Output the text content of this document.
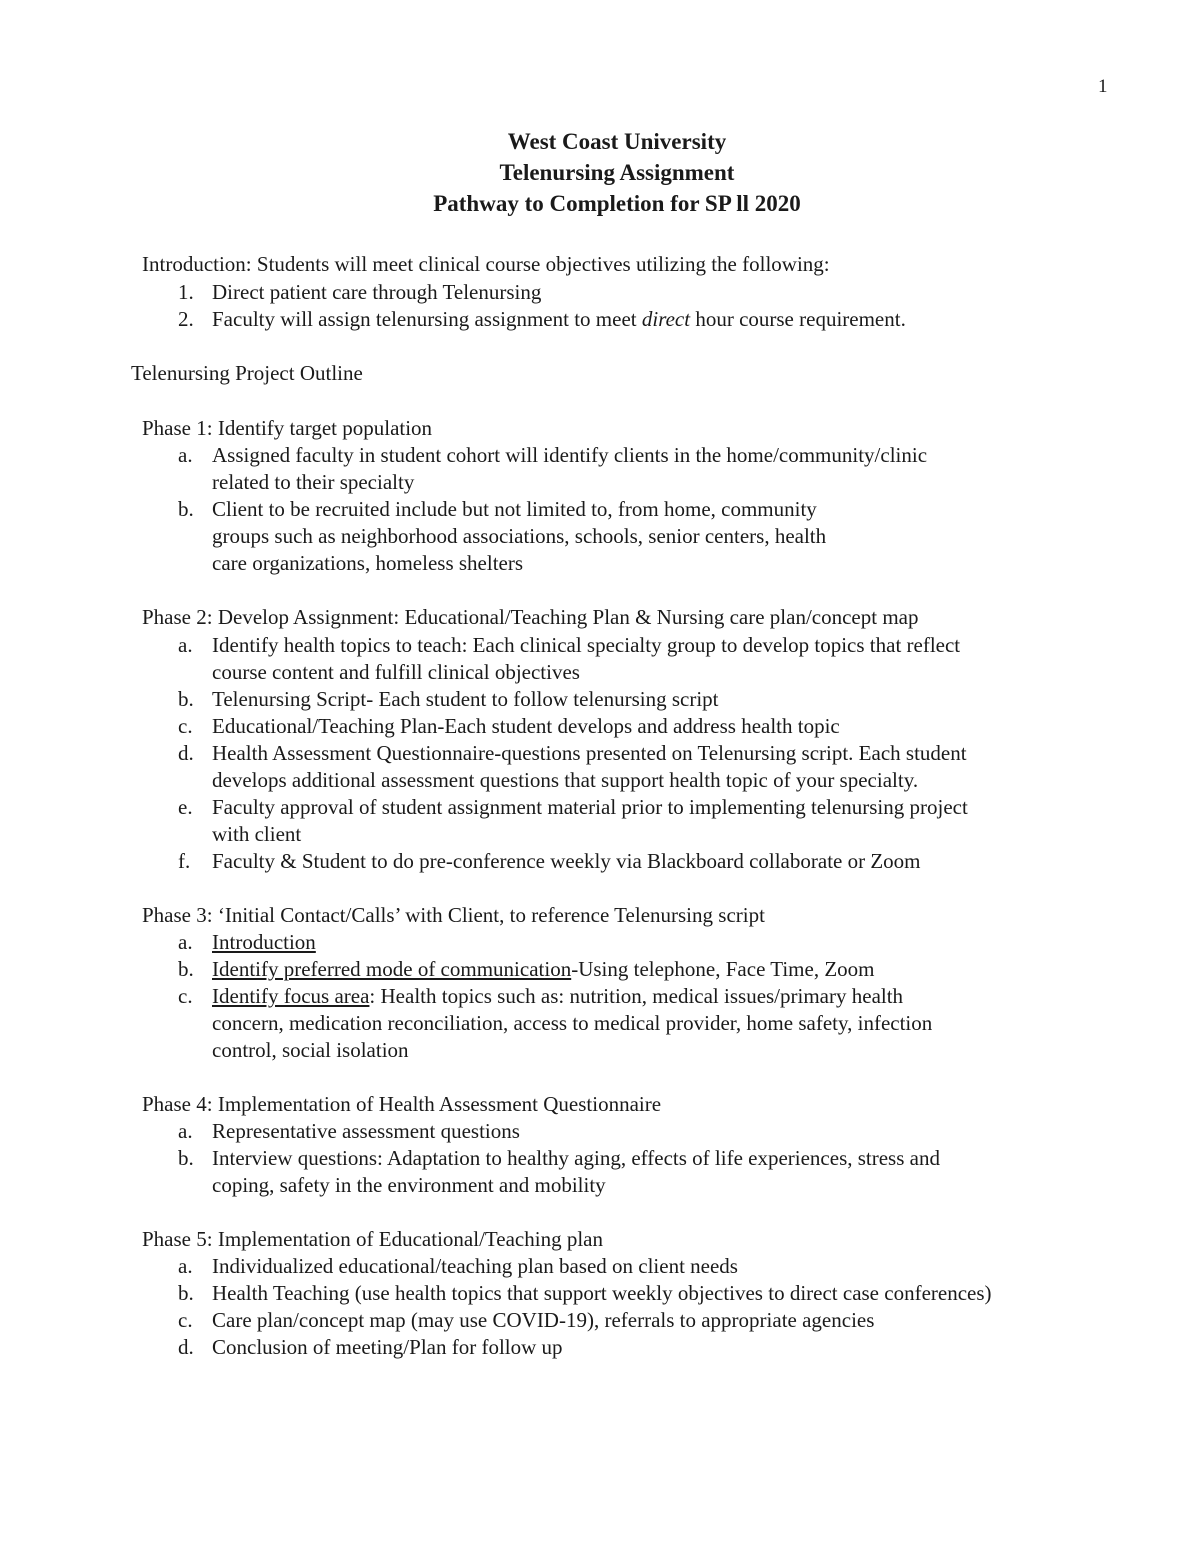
1
West Coast University
Telenursing Assignment
Pathway to Completion for SP ll 2020
Introduction: Students will meet clinical course objectives utilizing the following:
1. Direct patient care through Telenursing
2. Faculty will assign telenursing assignment to meet direct hour course requirement.
Telenursing Project Outline
Phase 1: Identify target population
a. Assigned faculty in student cohort will identify clients in the home/community/clinic
related to their specialty
b. Client to be recruited include but not limited to, from home, community
groups such as neighborhood associations, schools, senior centers, health
care organizations, homeless shelters
Phase 2: Develop Assignment: Educational/Teaching Plan & Nursing care plan/concept map
a. Identify health topics to teach: Each clinical specialty group to develop topics that reflect
course content and fulfill clinical objectives
b. Telenursing Script- Each student to follow telenursing script
c. Educational/Teaching Plan-Each student develops and address health topic
d. Health Assessment Questionnaire-questions presented on Telenursing script. Each student
develops additional assessment questions that support health topic of your specialty.
e. Faculty approval of student assignment material prior to implementing telenursing project
with client
f. Faculty & Student to do pre-conference weekly via Blackboard collaborate or Zoom
Phase 3: ‘Initial Contact/Calls’ with Client, to reference Telenursing script
a. Introduction
b. Identify preferred mode of communication-Using telephone, Face Time, Zoom
c. Identify focus area: Health topics such as: nutrition, medical issues/primary health
concern, medication reconciliation, access to medical provider, home safety, infection
control, social isolation
Phase 4: Implementation of Health Assessment Questionnaire
a. Representative assessment questions
b. Interview questions: Adaptation to healthy aging, effects of life experiences, stress and
coping, safety in the environment and mobility
Phase 5: Implementation of Educational/Teaching plan
a. Individualized educational/teaching plan based on client needs
b. Health Teaching (use health topics that support weekly objectives to direct case conferences)
c. Care plan/concept map (may use COVID-19), referrals to appropriate agencies
d. Conclusion of meeting/Plan for follow up
